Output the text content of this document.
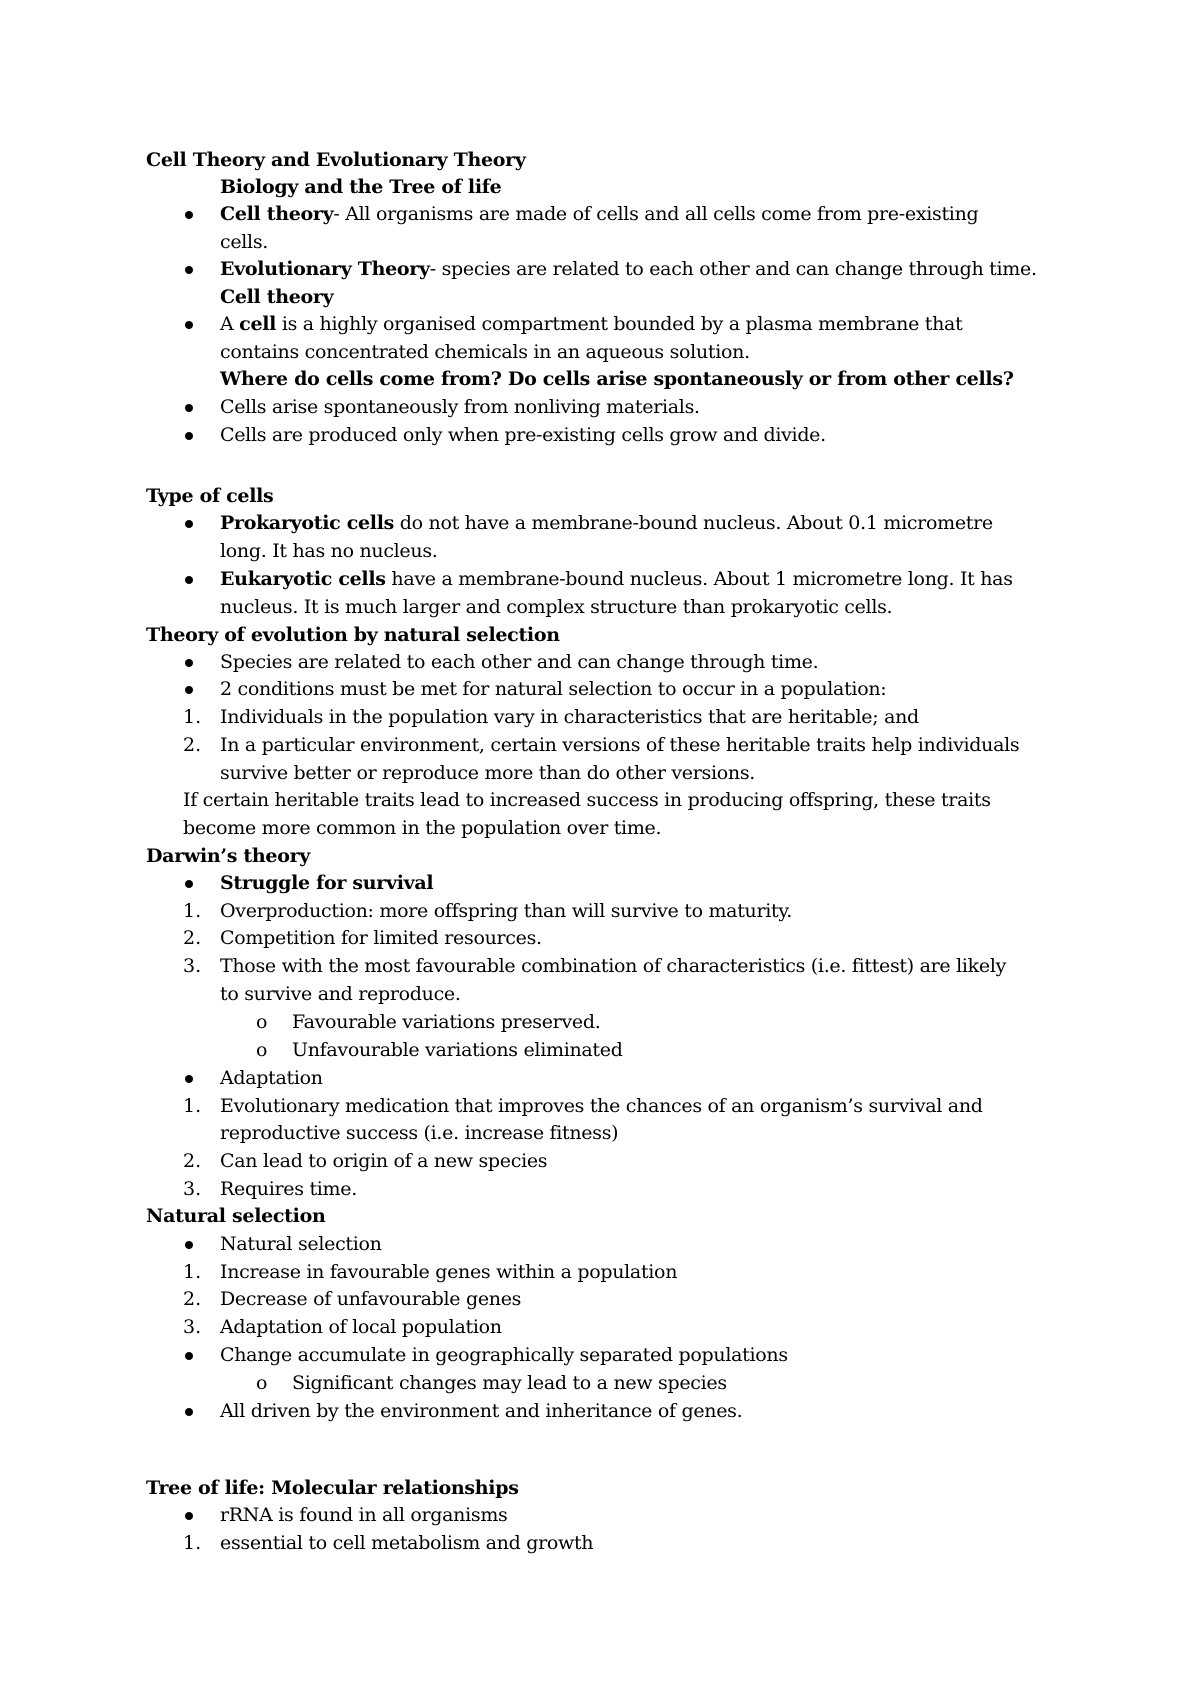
Cell Theory and Evolutionary Theory
Biology and the Tree of life
Cell theory- All organisms are made of cells and all cells come from pre-existing
cells.
Evolutionary Theory- species are related to each other and can change through time.
Cell theory
A cell is a highly organised compartment bounded by a plasma membrane that
contains concentrated chemicals in an aqueous solution.
Where do cells come from? Do cells arise spontaneously or from other cells?
Cells arise spontaneously from nonliving materials.
Cells are produced only when pre-existing cells grow and divide.
Type of cells
Prokaryotic cells do not have a membrane-bound nucleus. About 0.1 micrometre
long. It has no nucleus.
Eukaryotic cells have a membrane-bound nucleus. About 1 micrometre long. It has
nucleus. It is much larger and complex structure than prokaryotic cells.
Theory of evolution by natural selection
Species are related to each other and can change through time.
2 conditions must be met for natural selection to occur in a population:
1. Individuals in the population vary in characteristics that are heritable; and
2. In a particular environment, certain versions of these heritable traits help individuals
survive better or reproduce more than do other versions.
If certain heritable traits lead to increased success in producing offspring, these traits
become more common in the population over time.
Darwin’s theory
Struggle for survival
1. Overproduction: more offspring than will survive to maturity.
2. Competition for limited resources.
3. Those with the most favourable combination of characteristics (i.e. fittest) are likely
to survive and reproduce.
o Favourable variations preserved.
o Unfavourable variations eliminated
Adaptation
1. Evolutionary medication that improves the chances of an organism’s survival and
reproductive success (i.e. increase fitness)
2. Can lead to origin of a new species
3. Requires time.
Natural selection
Natural selection
1. Increase in favourable genes within a population
2. Decrease of unfavourable genes
3. Adaptation of local population
Change accumulate in geographically separated populations
o Significant changes may lead to a new species
All driven by the environment and inheritance of genes.
Tree of life: Molecular relationships
rRNA is found in all organisms
1. essential to cell metabolism and growth
